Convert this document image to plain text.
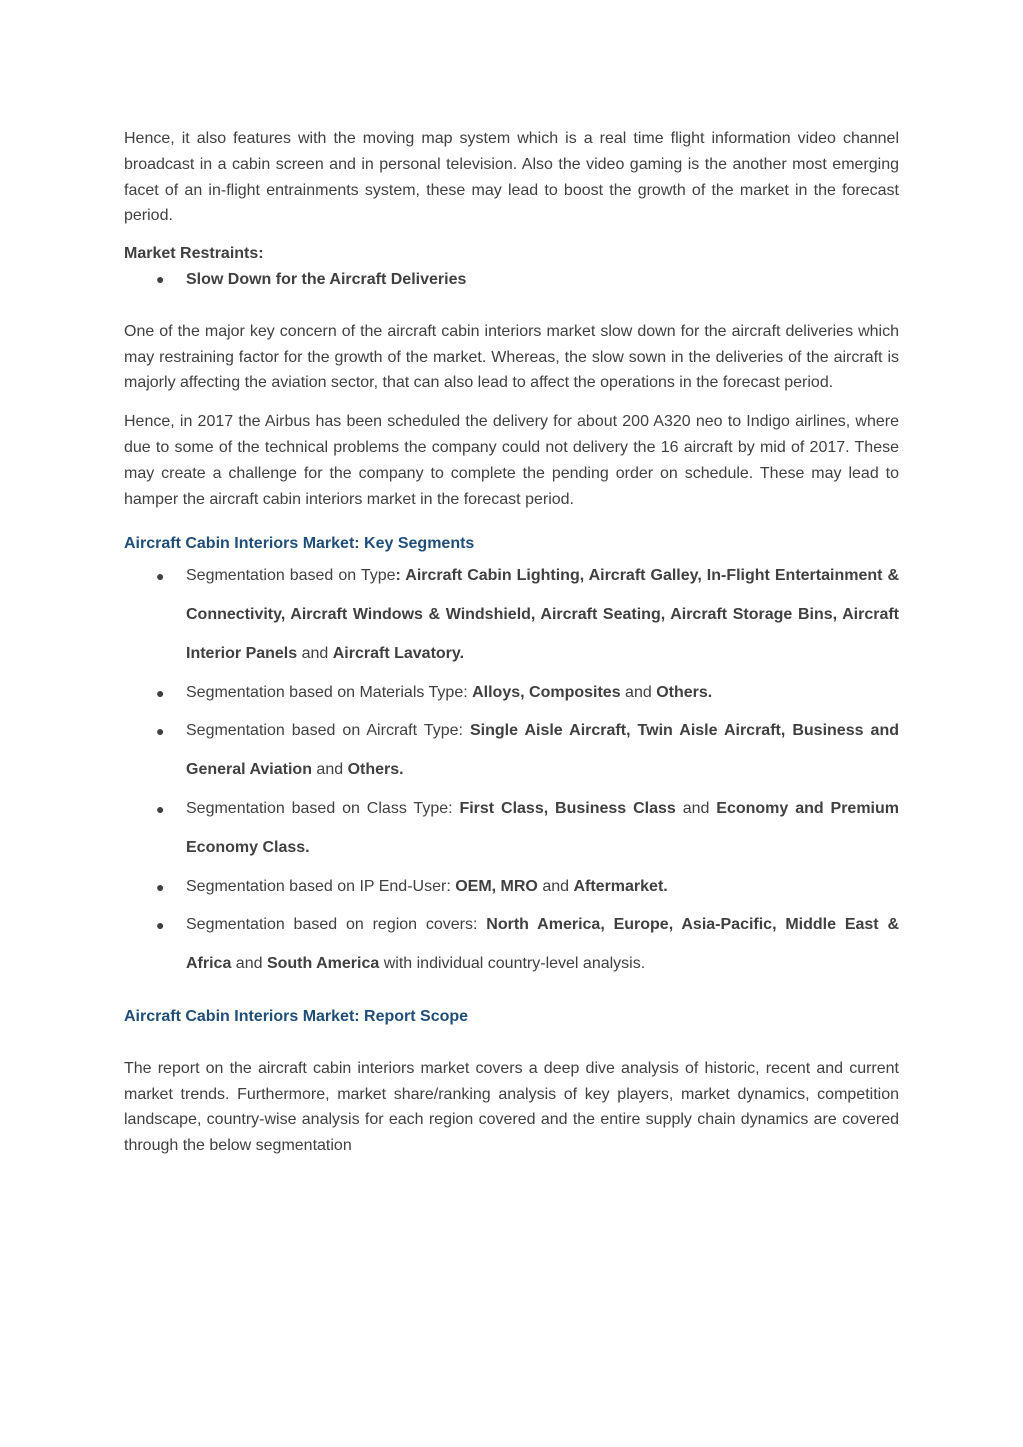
Hence, it also features with the moving map system which is a real time flight information video channel broadcast in a cabin screen and in personal television. Also the video gaming is the another most emerging facet of an in-flight entrainments system, these may lead to boost the growth of the market in the forecast period.

Market Restraints:

● Slow Down for the Aircraft Deliveries

One of the major key concern of the aircraft cabin interiors market slow down for the aircraft deliveries which may restraining factor for the growth of the market. Whereas, the slow sown in the deliveries of the aircraft is majorly affecting the aviation sector, that can also lead to affect the operations in the forecast period.

Hence, in 2017 the Airbus has been scheduled the delivery for about 200 A320 neo to Indigo airlines, where due to some of the technical problems the company could not delivery the 16 aircraft by mid of 2017. These may create a challenge for the company to complete the pending order on schedule. These may lead to hamper the aircraft cabin interiors market in the forecast period.

Aircraft Cabin Interiors Market: Key Segments

● Segmentation based on Type: Aircraft Cabin Lighting, Aircraft Galley, In-Flight Entertainment & Connectivity, Aircraft Windows & Windshield, Aircraft Seating, Aircraft Storage Bins, Aircraft Interior Panels and Aircraft Lavatory.
● Segmentation based on Materials Type: Alloys, Composites and Others.
● Segmentation based on Aircraft Type: Single Aisle Aircraft, Twin Aisle Aircraft, Business and General Aviation and Others.
● Segmentation based on Class Type: First Class, Business Class and Economy and Premium Economy Class.
● Segmentation based on IP End-User: OEM, MRO and Aftermarket.
● Segmentation based on region covers: North America, Europe, Asia-Pacific, Middle East & Africa and South America with individual country-level analysis.

Aircraft Cabin Interiors Market: Report Scope

The report on the aircraft cabin interiors market covers a deep dive analysis of historic, recent and current market trends. Furthermore, market share/ranking analysis of key players, market dynamics, competition landscape, country-wise analysis for each region covered and the entire supply chain dynamics are covered through the below segmentation
